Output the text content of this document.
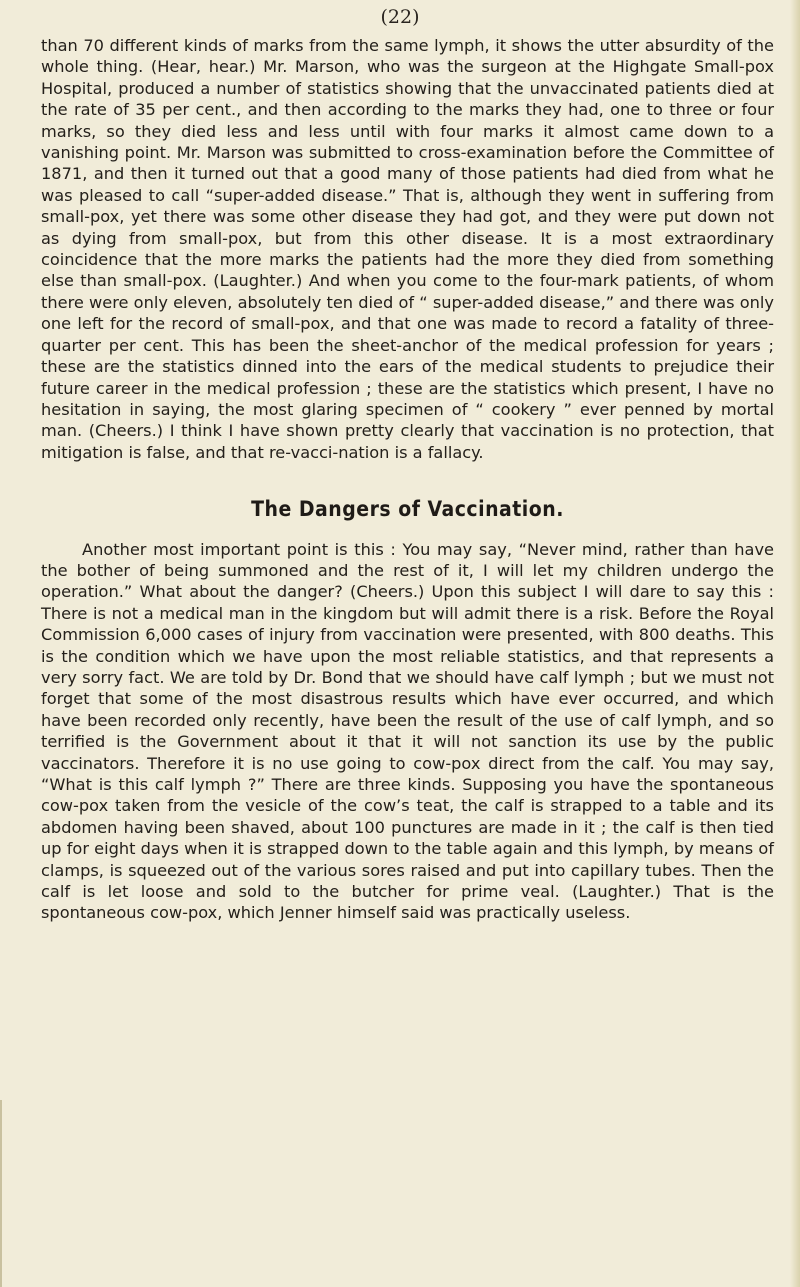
(22)

than 70 different kinds of marks from the same lymph, it shows the utter absurdity of the whole thing. (Hear, hear.) Mr. Marson, who was the surgeon at the Highgate Small-pox Hospital, produced a number of statistics showing that the unvaccinated patients died at the rate of 35 per cent., and then according to the marks they had, one to three or four marks, so they died less and less until with four marks it almost came down to a vanishing point. Mr. Marson was submitted to cross-examination before the Committee of 1871, and then it turned out that a good many of those patients had died from what he was pleased to call “super-added disease.” That is, although they went in suffering from small-pox, yet there was some other disease they had got, and they were put down not as dying from small-pox, but from this other disease. It is a most extraordinary coincidence that the more marks the patients had the more they died from something else than small-pox. (Laughter.) And when you come to the four-mark patients, of whom there were only eleven, absolutely ten died of “ super-added disease,” and there was only one left for the record of small-pox, and that one was made to record a fatality of three-quarter per cent. This has been the sheet-anchor of the medical profession for years ; these are the statistics dinned into the ears of the medical students to prejudice their future career in the medical profession ; these are the statistics which present, I have no hesitation in saying, the most glaring specimen of “ cookery ” ever penned by mortal man. (Cheers.) I think I have shown pretty clearly that vaccination is no protection, that mitigation is false, and that re-vacci-nation is a fallacy.

The Dangers of Vaccination.

Another most important point is this : You may say, “Never mind, rather than have the bother of being summoned and the rest of it, I will let my children undergo the operation.” What about the danger? (Cheers.) Upon this subject I will dare to say this : There is not a medical man in the kingdom but will admit there is a risk. Before the Royal Commission 6,000 cases of injury from vaccination were presented, with 800 deaths. This is the condition which we have upon the most reliable statistics, and that represents a very sorry fact. We are told by Dr. Bond that we should have calf lymph ; but we must not forget that some of the most disastrous results which have ever occurred, and which have been recorded only recently, have been the result of the use of calf lymph, and so terrified is the Government about it that it will not sanction its use by the public vaccinators. Therefore it is no use going to cow-pox direct from the calf. You may say, “What is this calf lymph ?” There are three kinds. Supposing you have the spontaneous cow-pox taken from the vesicle of the cow’s teat, the calf is strapped to a table and its abdomen having been shaved, about 100 punctures are made in it ; the calf is then tied up for eight days when it is strapped down to the table again and this lymph, by means of clamps, is squeezed out of the various sores raised and put into capillary tubes. Then the calf is let loose and sold to the butcher for prime veal. (Laughter.) That is the spontaneous cow-pox, which Jenner himself said was practically useless.
